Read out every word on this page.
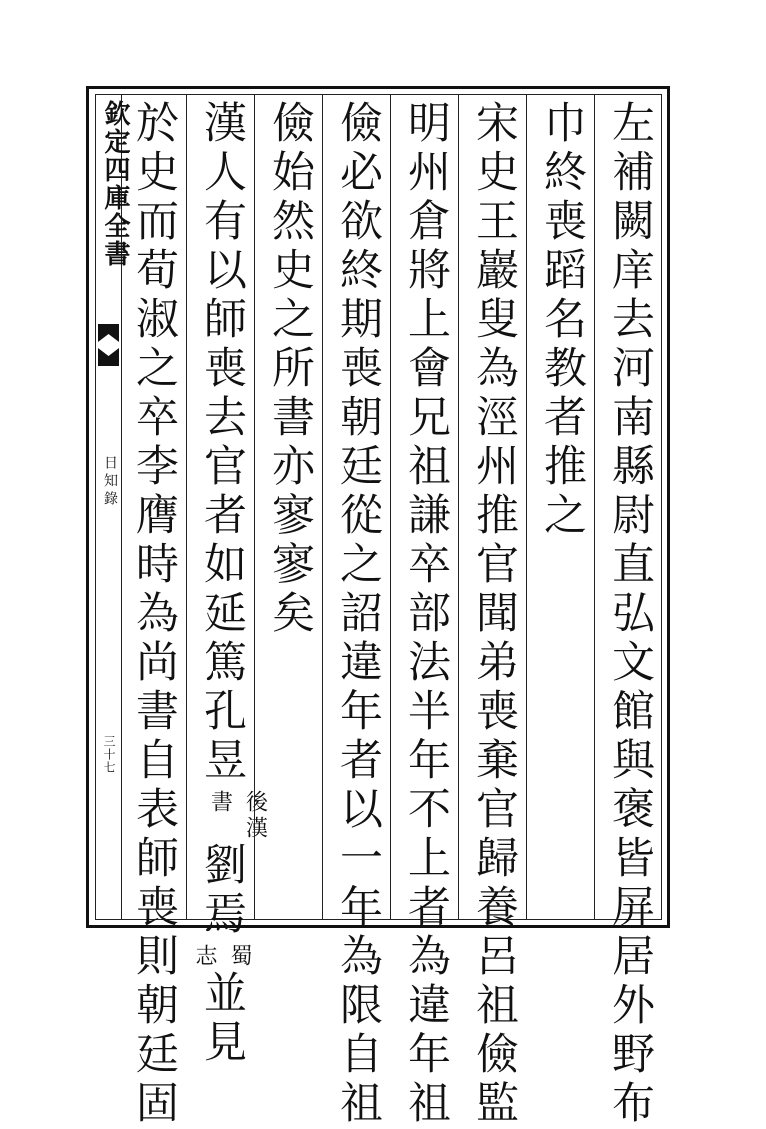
欽定四庫全書
日知錄
三十七	左補闕庠去河南縣尉直弘文館與褒皆屏居外野布
巾終喪蹈名教者推之
宋史王巖叟為涇州推官聞弟喪棄官歸養呂祖儉監
明州倉將上會兄祖謙卒部法半年不上者為違年祖
儉必欲終期喪朝廷從之詔違年者以一年為限自祖
儉始然史之所書亦寥寥矣
漢人有以師喪去官者如延篤孔昱
後漢
書
劉焉
蜀
志
並見
於史而荀淑之卒李膺時為尚書自表師喪則朝廷固
